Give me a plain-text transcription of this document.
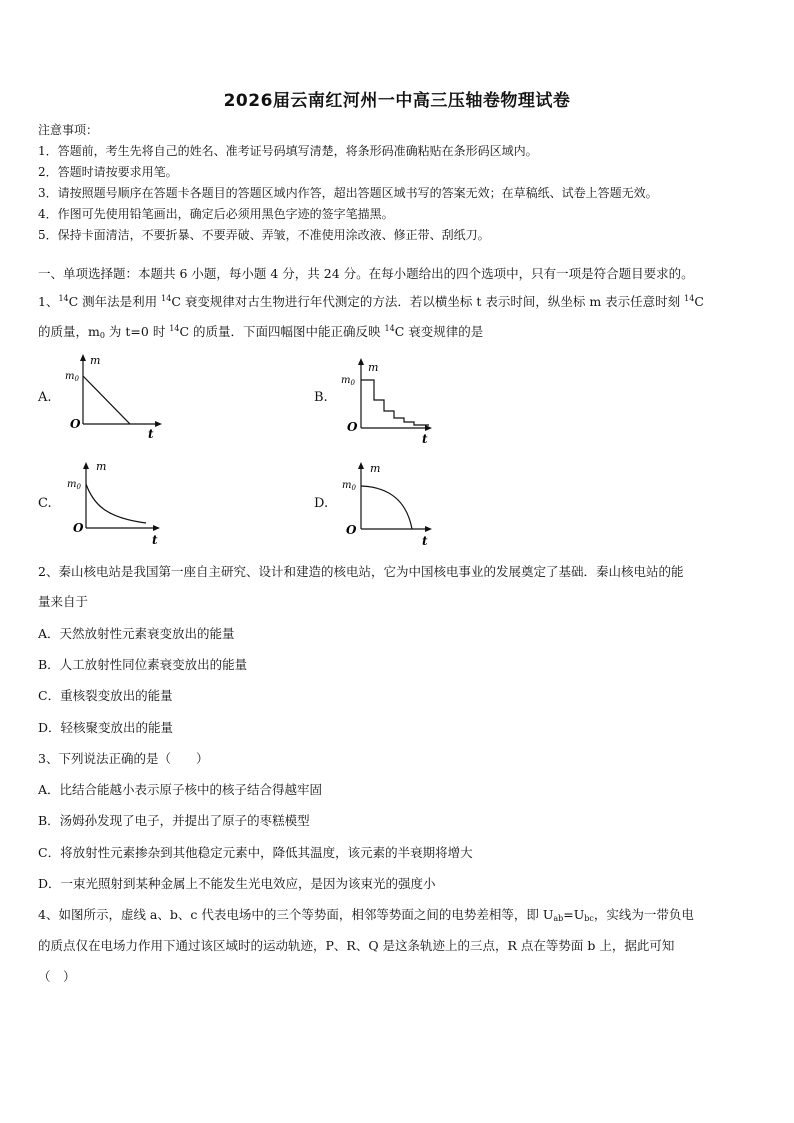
2026届云南红河州一中高三压轴卷物理试卷
注意事项：
1．答题前，考生先将自己的姓名、准考证号码填写清楚，将条形码准确粘贴在条形码区域内。
2．答题时请按要求用笔。
3．请按照题号顺序在答题卡各题目的答题区域内作答，超出答题区域书写的答案无效；在草稿纸、试卷上答题无效。
4．作图可先使用铅笔画出，确定后必须用黑色字迹的签字笔描黑。
5．保持卡面清洁，不要折暴、不要弄破、弄皱，不准使用涂改液、修正带、刮纸刀。
一、单项选择题：本题共 6 小题，每小题 4 分，共 24 分。在每小题给出的四个选项中，只有一项是符合题目要求的。
1、$^{14}$C 测年法是利用 $^{14}$C 衰变规律对古生物进行年代测定的方法．若以横坐标 t 表示时间，纵坐标 m 表示任意时刻 $^{14}$C
的质量，$m_0$ 为 t=0 时 $^{14}$C 的质量．下面四幅图中能正确反映 $^{14}$C 衰变规律的是
A.	B.
C.	D.
m
$m_0$
O
t
m
$m_0$
O
t
m
$m_0$
O
t
m
$m_0$
O
t
2、秦山核电站是我国第一座自主研究、设计和建造的核电站，它为中国核电事业的发展奠定了基础．秦山核电站的能
量来自于
A．天然放射性元素衰变放出的能量
B．人工放射性同位素衰变放出的能量
C．重核裂变放出的能量
D．轻核聚变放出的能量
3、下列说法正确的是（　　）
A．比结合能越小表示原子核中的核子结合得越牢固
B．汤姆孙发现了电子，并提出了原子的枣糕模型
C．将放射性元素掺杂到其他稳定元素中，降低其温度，该元素的半衰期将增大
D．一束光照射到某种金属上不能发生光电效应，是因为该束光的强度小
4、如图所示，虚线 a、b、c 代表电场中的三个等势面，相邻等势面之间的电势差相等，即 $U_{ab}=U_{bc}$，实线为一带负电
的质点仅在电场力作用下通过该区域时的运动轨迹，P、R、Q 是这条轨迹上的三点，R 点在等势面 b 上，据此可知
（　）
